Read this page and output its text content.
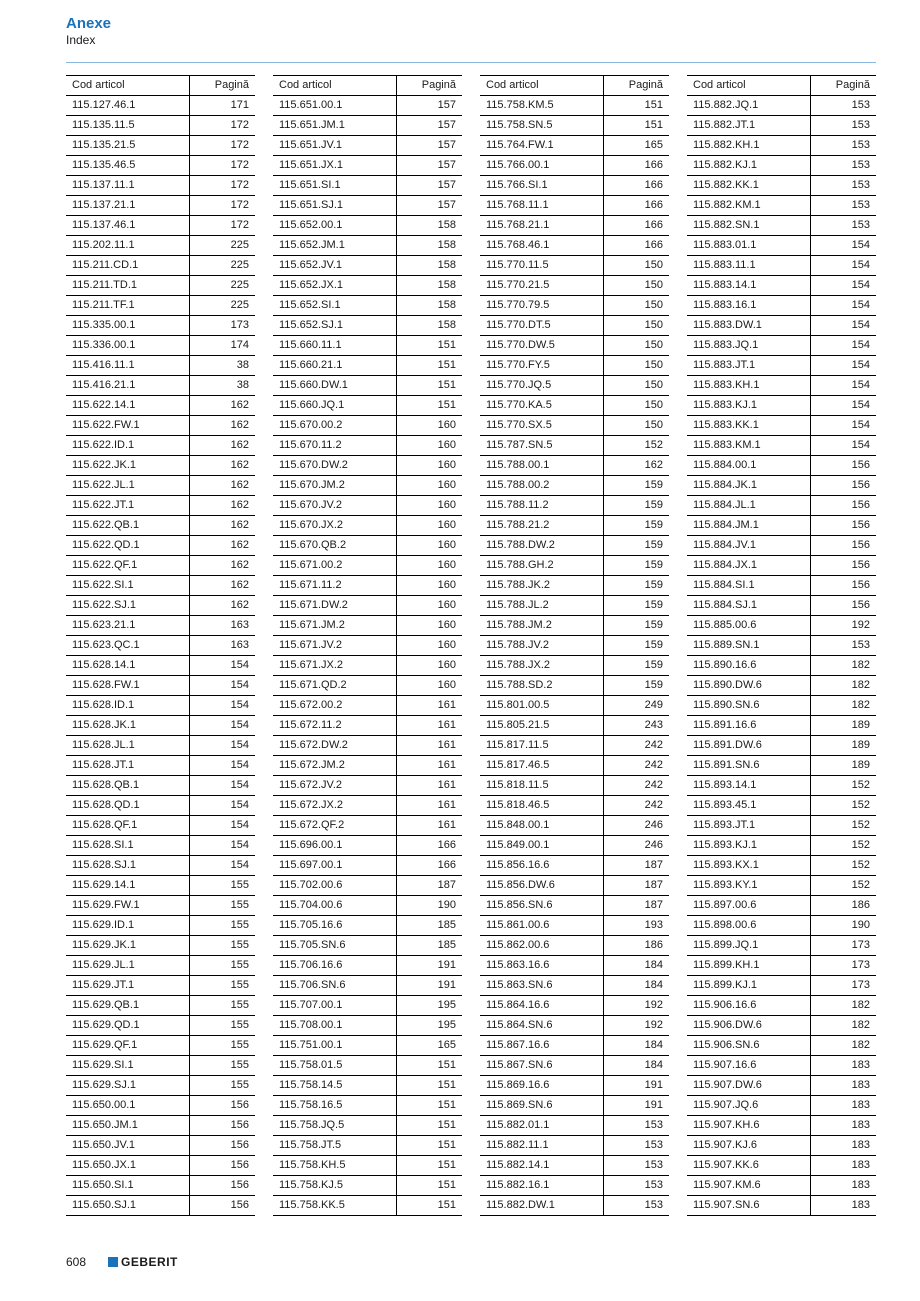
Anexe
Index
Cod articol	Pagină
115.127.46.1	171
115.135.11.5	172
115.135.21.5	172
115.135.46.5	172
115.137.11.1	172
115.137.21.1	172
115.137.46.1	172
115.202.11.1	225
115.211.CD.1	225
115.211.TD.1	225
115.211.TF.1	225
115.335.00.1	173
115.336.00.1	174
115.416.11.1	38
115.416.21.1	38
115.622.14.1	162
115.622.FW.1	162
115.622.ID.1	162
115.622.JK.1	162
115.622.JL.1	162
115.622.JT.1	162
115.622.QB.1	162
115.622.QD.1	162
115.622.QF.1	162
115.622.SI.1	162
115.622.SJ.1	162
115.623.21.1	163
115.623.QC.1	163
115.628.14.1	154
115.628.FW.1	154
115.628.ID.1	154
115.628.JK.1	154
115.628.JL.1	154
115.628.JT.1	154
115.628.QB.1	154
115.628.QD.1	154
115.628.QF.1	154
115.628.SI.1	154
115.628.SJ.1	154
115.629.14.1	155
115.629.FW.1	155
115.629.ID.1	155
115.629.JK.1	155
115.629.JL.1	155
115.629.JT.1	155
115.629.QB.1	155
115.629.QD.1	155
115.629.QF.1	155
115.629.SI.1	155
115.629.SJ.1	155
115.650.00.1	156
115.650.JM.1	156
115.650.JV.1	156
115.650.JX.1	156
115.650.SI.1	156
115.650.SJ.1	156
Cod articol	Pagină
115.651.00.1	157
115.651.JM.1	157
115.651.JV.1	157
115.651.JX.1	157
115.651.SI.1	157
115.651.SJ.1	157
115.652.00.1	158
115.652.JM.1	158
115.652.JV.1	158
115.652.JX.1	158
115.652.SI.1	158
115.652.SJ.1	158
115.660.11.1	151
115.660.21.1	151
115.660.DW.1	151
115.660.JQ.1	151
115.670.00.2	160
115.670.11.2	160
115.670.DW.2	160
115.670.JM.2	160
115.670.JV.2	160
115.670.JX.2	160
115.670.QB.2	160
115.671.00.2	160
115.671.11.2	160
115.671.DW.2	160
115.671.JM.2	160
115.671.JV.2	160
115.671.JX.2	160
115.671.QD.2	160
115.672.00.2	161
115.672.11.2	161
115.672.DW.2	161
115.672.JM.2	161
115.672.JV.2	161
115.672.JX.2	161
115.672.QF.2	161
115.696.00.1	166
115.697.00.1	166
115.702.00.6	187
115.704.00.6	190
115.705.16.6	185
115.705.SN.6	185
115.706.16.6	191
115.706.SN.6	191
115.707.00.1	195
115.708.00.1	195
115.751.00.1	165
115.758.01.5	151
115.758.14.5	151
115.758.16.5	151
115.758.JQ.5	151
115.758.JT.5	151
115.758.KH.5	151
115.758.KJ.5	151
115.758.KK.5	151
Cod articol	Pagină
115.758.KM.5	151
115.758.SN.5	151
115.764.FW.1	165
115.766.00.1	166
115.766.SI.1	166
115.768.11.1	166
115.768.21.1	166
115.768.46.1	166
115.770.11.5	150
115.770.21.5	150
115.770.79.5	150
115.770.DT.5	150
115.770.DW.5	150
115.770.FY.5	150
115.770.JQ.5	150
115.770.KA.5	150
115.770.SX.5	150
115.787.SN.5	152
115.788.00.1	162
115.788.00.2	159
115.788.11.2	159
115.788.21.2	159
115.788.DW.2	159
115.788.GH.2	159
115.788.JK.2	159
115.788.JL.2	159
115.788.JM.2	159
115.788.JV.2	159
115.788.JX.2	159
115.788.SD.2	159
115.801.00.5	249
115.805.21.5	243
115.817.11.5	242
115.817.46.5	242
115.818.11.5	242
115.818.46.5	242
115.848.00.1	246
115.849.00.1	246
115.856.16.6	187
115.856.DW.6	187
115.856.SN.6	187
115.861.00.6	193
115.862.00.6	186
115.863.16.6	184
115.863.SN.6	184
115.864.16.6	192
115.864.SN.6	192
115.867.16.6	184
115.867.SN.6	184
115.869.16.6	191
115.869.SN.6	191
115.882.01.1	153
115.882.11.1	153
115.882.14.1	153
115.882.16.1	153
115.882.DW.1	153
Cod articol	Pagină
115.882.JQ.1	153
115.882.JT.1	153
115.882.KH.1	153
115.882.KJ.1	153
115.882.KK.1	153
115.882.KM.1	153
115.882.SN.1	153
115.883.01.1	154
115.883.11.1	154
115.883.14.1	154
115.883.16.1	154
115.883.DW.1	154
115.883.JQ.1	154
115.883.JT.1	154
115.883.KH.1	154
115.883.KJ.1	154
115.883.KK.1	154
115.883.KM.1	154
115.884.00.1	156
115.884.JK.1	156
115.884.JL.1	156
115.884.JM.1	156
115.884.JV.1	156
115.884.JX.1	156
115.884.SI.1	156
115.884.SJ.1	156
115.885.00.6	192
115.889.SN.1	153
115.890.16.6	182
115.890.DW.6	182
115.890.SN.6	182
115.891.16.6	189
115.891.DW.6	189
115.891.SN.6	189
115.893.14.1	152
115.893.45.1	152
115.893.JT.1	152
115.893.KJ.1	152
115.893.KX.1	152
115.893.KY.1	152
115.897.00.6	186
115.898.00.6	190
115.899.JQ.1	173
115.899.KH.1	173
115.899.KJ.1	173
115.906.16.6	182
115.906.DW.6	182
115.906.SN.6	182
115.907.16.6	183
115.907.DW.6	183
115.907.JQ.6	183
115.907.KH.6	183
115.907.KJ.6	183
115.907.KK.6	183
115.907.KM.6	183
115.907.SN.6	183
608	GEBERIT
